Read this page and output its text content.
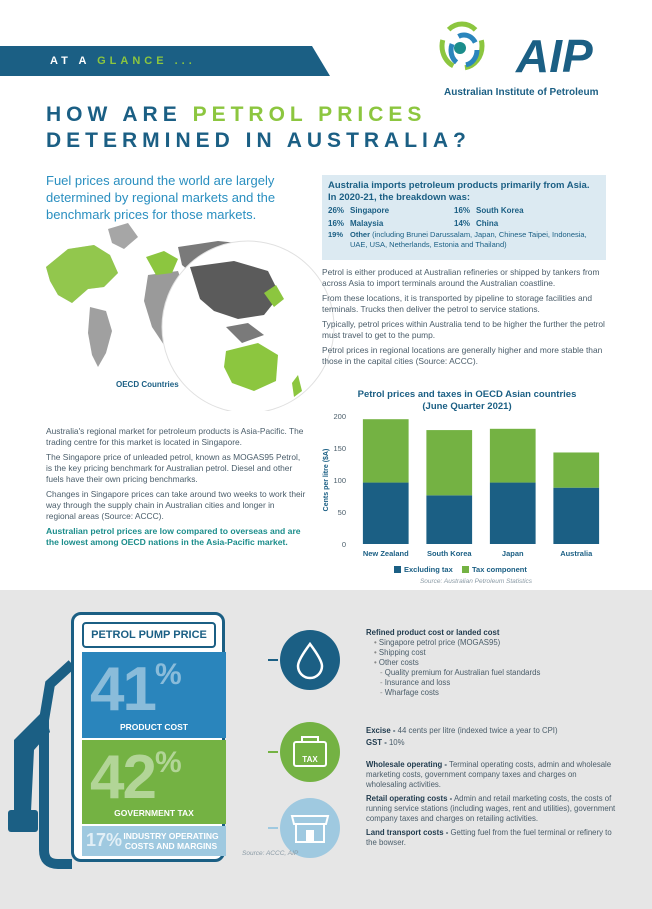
AT A GLANCE ...	AIP
Australian Institute of Petroleum
HOW ARE PETROL PRICES
DETERMINED IN AUSTRALIA?
Fuel prices around the world are largely determined by regional markets and the benchmark prices for those markets.
Australia imports petroleum products primarily from Asia. In 2020-21, the breakdown was:
26% Singapore	16% South Korea
16% Malaysia	14% China
19% Other (including Brunei Darussalam, Japan, Chinese Taipei, Indonesia, UAE, USA, Netherlands, Estonia and Thailand)
OECD Countries

Petrol is either produced at Australian refineries or shipped by tankers from across Asia to import terminals around the Australian coastline.

From these locations, it is transported by pipeline to storage facilities and terminals. Trucks then deliver the petrol to service stations.

Typically, petrol prices within Australia tend to be higher the further the petrol must travel to get to the pump.

Petrol prices in regional locations are generally higher and more stable than those in the capital cities (Source: ACCC).

Australia's regional market for petroleum products is Asia-Pacific. The trading centre for this market is located in Singapore.

The Singapore price of unleaded petrol, known as MOGAS95 Petrol, is the key pricing benchmark for Australian petrol. Diesel and other fuels have their own pricing benchmarks.

Changes in Singapore prices can take around two weeks to work their way through the supply chain in Australian cities and longer in regional areas (Source: ACCC).

Australian petrol prices are low compared to overseas and are the lowest among OECD nations in the Asia-Pacific market.

Petrol prices and taxes in OECD Asian countries
(June Quarter 2021)
0
50
100
150
200
Cents per litre ($A)
New Zealand South Korea	Japan	Australia
Excluding tax	Tax component
Source: Australian Petroleum Statistics
PETROL PUMP PRICE
41%
PRODUCT COST
42%
GOVERNMENT TAX
17% INDUSTRY OPERATING
COSTS AND MARGINS
TAX
Refined product cost or landed cost
• Singapore petrol price (MOGAS95)
• Shipping cost
• Other costs
- Quality premium for Australian fuel standards
- Insurance and loss
- Wharfage costs
Excise - 44 cents per litre (indexed twice a year to CPI)
GST - 10%
Wholesale operating - Terminal operating costs, admin and wholesale marketing costs, government company taxes and charges on wholesaling activities.
Retail operating costs - Admin and retail marketing costs, the costs of running service stations (including wages, rent and utilities), government company taxes and charges on retailing activities.
Land transport costs - Getting fuel from the fuel terminal or refinery to the bowser.
Source: ACCC, AIP
